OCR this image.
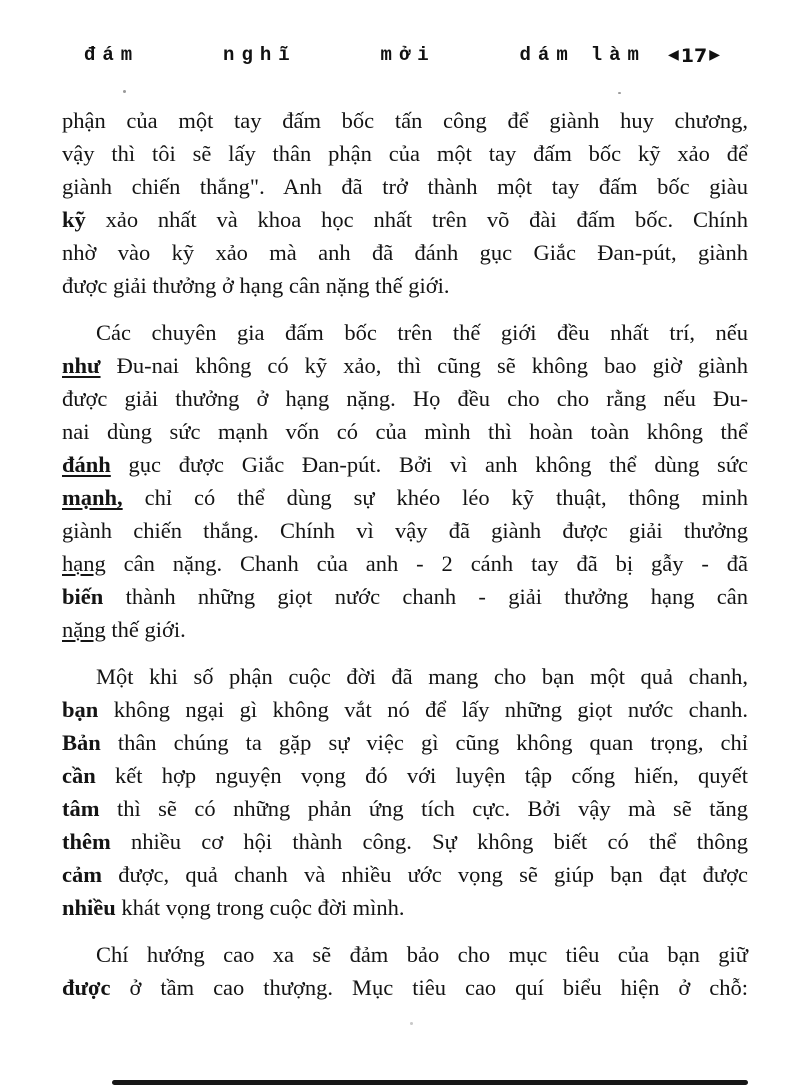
đám	nghĩ	mởi	dám làm ◀ 17 ▶
phận của một tay đấm bốc tấn công để giành huy chương,
vậy thì tôi sẽ lấy thân phận của một tay đấm bốc kỹ xảo để
giành chiến thắng". Anh đã trở thành một tay đấm bốc giàu
kỹ xảo nhất và khoa học nhất trên võ đài đấm bốc. Chính
nhờ vào kỹ xảo mà anh đã đánh gục Giắc Đan-pút, giành
được giải thưởng ở hạng cân nặng thế giới.
Các chuyên gia đấm bốc trên thế giới đều nhất trí, nếu
như Đu-nai không có kỹ xảo, thì cũng sẽ không bao giờ giành
được giải thưởng ở hạng nặng. Họ đều cho cho rằng nếu Đu-
nai dùng sức mạnh vốn có của mình thì hoàn toàn không thể
đánh gục được Giắc Đan-pút. Bởi vì anh không thể dùng sức
mạnh, chỉ có thể dùng sự khéo léo kỹ thuật, thông minh
giành chiến thắng. Chính vì vậy đã giành được giải thưởng
hạng cân nặng. Chanh của anh - 2 cánh tay đã bị gẫy - đã
biến thành những giọt nước chanh - giải thưởng hạng cân
nặng thế giới.
Một khi số phận cuộc đời đã mang cho bạn một quả chanh,
bạn không ngại gì không vắt nó để lấy những giọt nước chanh.
Bản thân chúng ta gặp sự việc gì cũng không quan trọng, chỉ
cần kết hợp nguyện vọng đó với luyện tập cống hiến, quyết
tâm thì sẽ có những phản ứng tích cực. Bởi vậy mà sẽ tăng
thêm nhiều cơ hội thành công. Sự không biết có thể thông
cảm được, quả chanh và nhiều ước vọng sẽ giúp bạn đạt được
nhiều khát vọng trong cuộc đời mình.
Chí hướng cao xa sẽ đảm bảo cho mục tiêu của bạn giữ
được ở tầm cao thượng. Mục tiêu cao quí biểu hiện ở chỗ:
